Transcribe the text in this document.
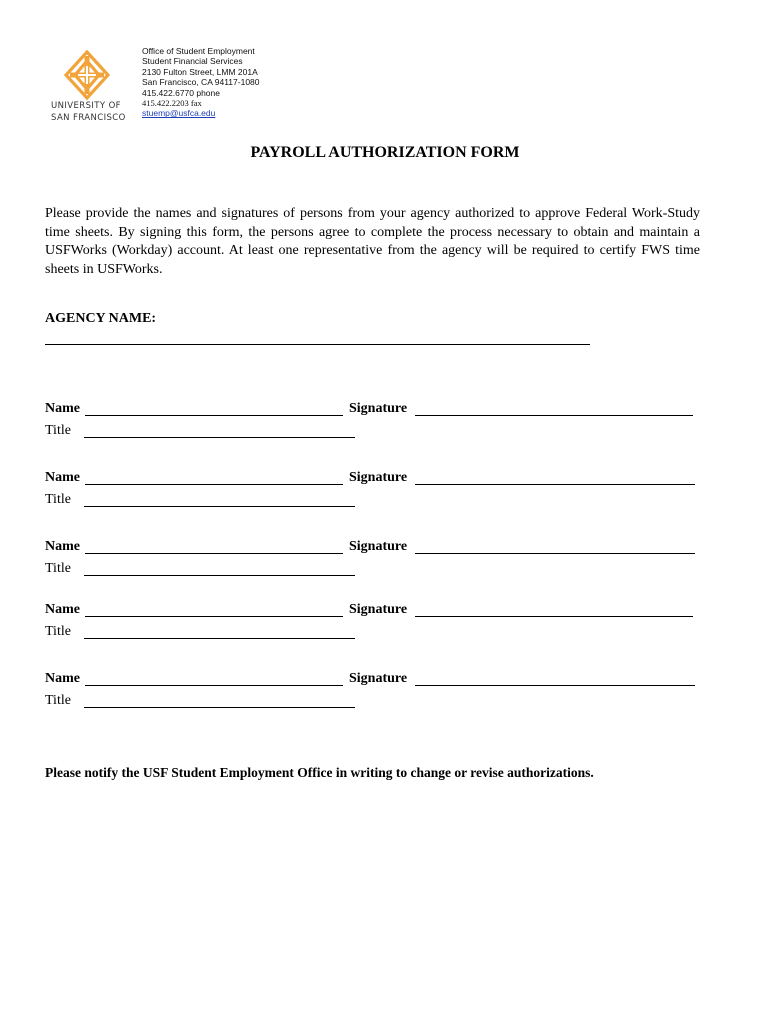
UNIVERSITY OF
SAN FRANCISCO
Office of Student Employment
Student Financial Services
2130 Fulton Street, LMM 201A
San Francisco, CA 94117-1080
415.422.6770 phone
415.422.2203 fax
stuemp@usfca.edu
PAYROLL AUTHORIZATION FORM
Please provide the names and signatures of persons from your agency authorized to approve Federal Work-Study time sheets. By signing this form, the persons agree to complete the process necessary to obtain and maintain a USFWorks (Workday) account. At least one representative from the agency will be required to certify FWS time sheets in USFWorks.
AGENCY NAME:
Name	Signature
Title
Name	Signature
Title
Name	Signature
Title
Name	Signature
Title
Name	Signature
Title
Please notify the USF Student Employment Office in writing to change or revise authorizations.
